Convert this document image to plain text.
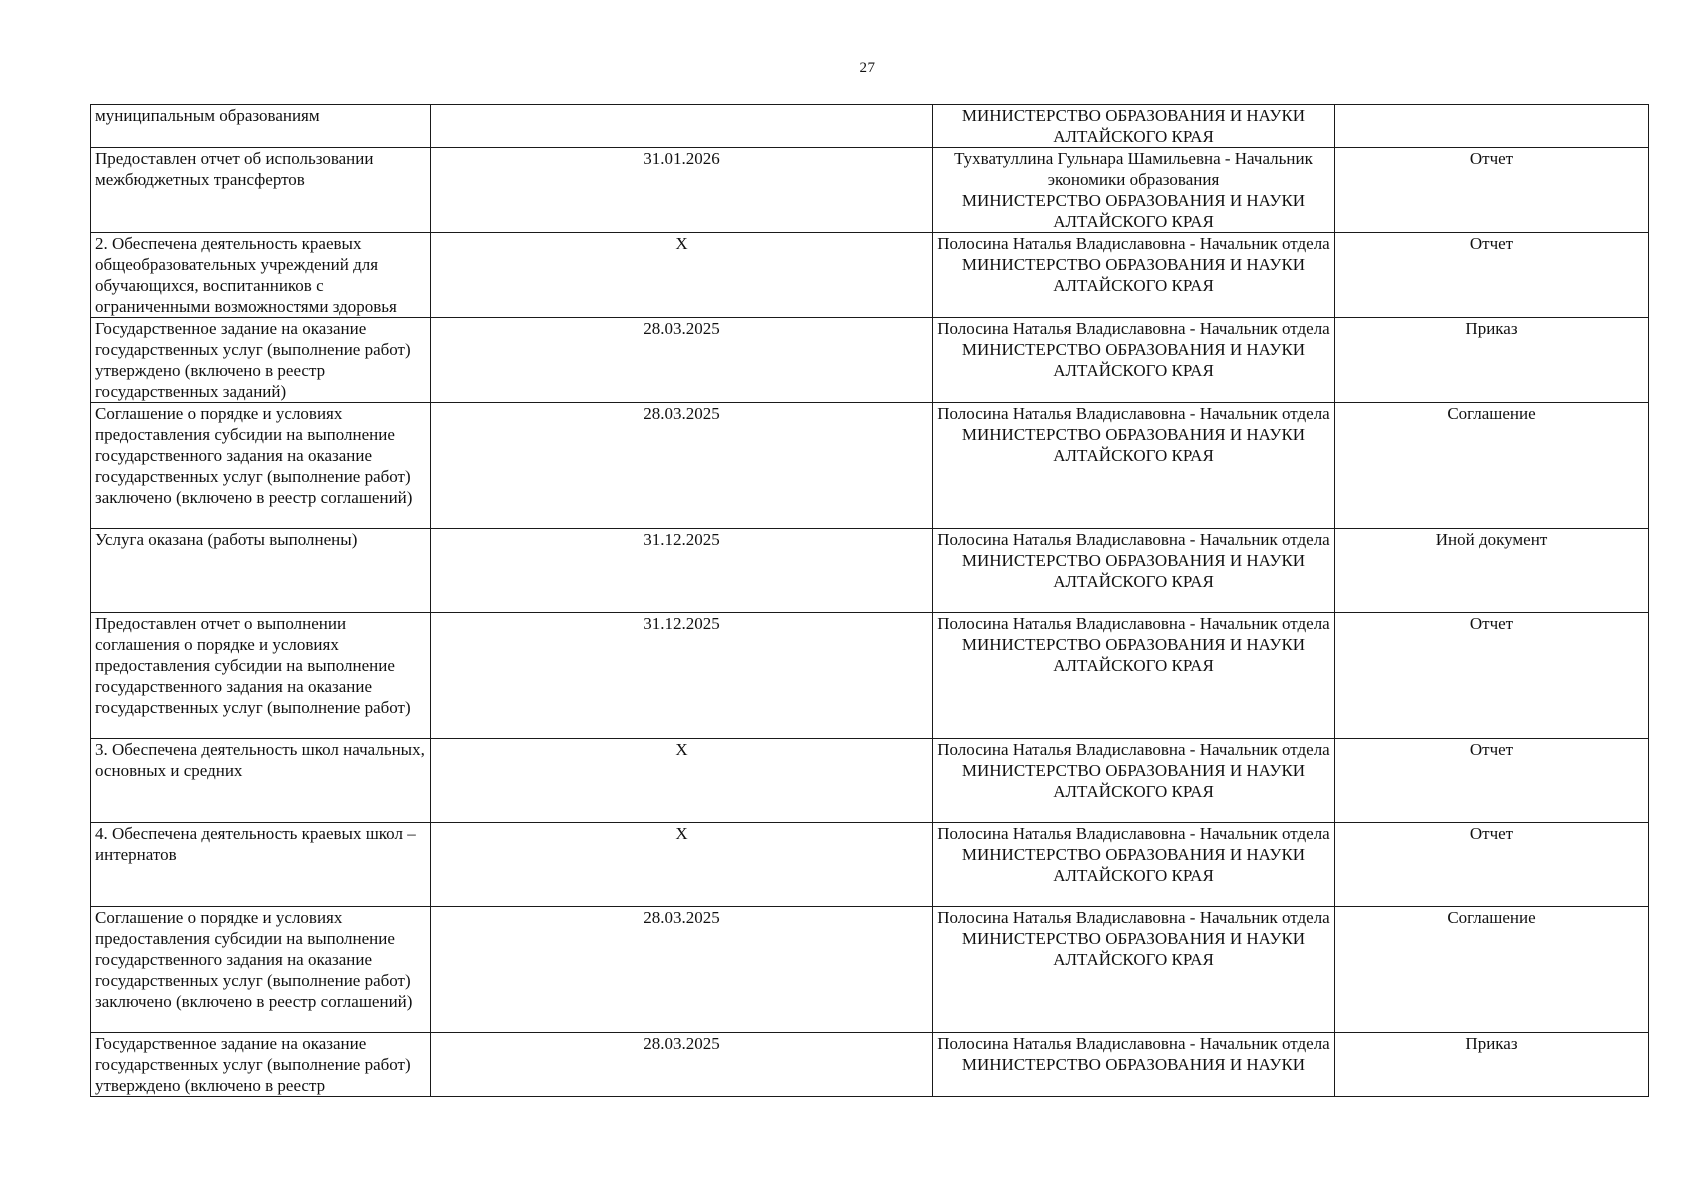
27
муниципальным образованиям		МИНИСТЕРСТВО ОБРАЗОВАНИЯ И НАУКИ
АЛТАЙСКОГО КРАЯ	

Предоставлен отчет об использовании межбюджетных трансфертов	31.01.2026	Тухватуллина Гульнара Шамильевна - Начальник экономики образования
МИНИСТЕРСТВО ОБРАЗОВАНИЯ И НАУКИ
АЛТАЙСКОГО КРАЯ	Отчет

2. Обеспечена деятельность краевых общеобразовательных учреждений для обучающихся, воспитанников с ограниченными возможностями здоровья	X	Полосина Наталья Владиславовна - Начальник отдела
МИНИСТЕРСТВО ОБРАЗОВАНИЯ И НАУКИ
АЛТАЙСКОГО КРАЯ	Отчет

Государственное задание на оказание государственных услуг (выполнение работ) утверждено (включено в реестр государственных заданий)	28.03.2025	Полосина Наталья Владиславовна - Начальник отдела
МИНИСТЕРСТВО ОБРАЗОВАНИЯ И НАУКИ
АЛТАЙСКОГО КРАЯ	Приказ

Соглашение о порядке и условиях предоставления субсидии на выполнение государственного задания на оказание государственных услуг (выполнение работ) заключено (включено в реестр соглашений)	28.03.2025	Полосина Наталья Владиславовна - Начальник отдела
МИНИСТЕРСТВО ОБРАЗОВАНИЯ И НАУКИ
АЛТАЙСКОГО КРАЯ	Соглашение

Услуга оказана (работы выполнены)	31.12.2025	Полосина Наталья Владиславовна - Начальник отдела
МИНИСТЕРСТВО ОБРАЗОВАНИЯ И НАУКИ
АЛТАЙСКОГО КРАЯ	Иной документ

Предоставлен отчет о выполнении соглашения о порядке и условиях предоставления субсидии на выполнение государственного задания на оказание государственных услуг (выполнение работ)	31.12.2025	Полосина Наталья Владиславовна - Начальник отдела
МИНИСТЕРСТВО ОБРАЗОВАНИЯ И НАУКИ
АЛТАЙСКОГО КРАЯ	Отчет

3. Обеспечена деятельность школ начальных, основных и средних	X	Полосина Наталья Владиславовна - Начальник отдела
МИНИСТЕРСТВО ОБРАЗОВАНИЯ И НАУКИ
АЛТАЙСКОГО КРАЯ	Отчет

4. Обеспечена деятельность краевых школ – интернатов	X	Полосина Наталья Владиславовна - Начальник отдела
МИНИСТЕРСТВО ОБРАЗОВАНИЯ И НАУКИ
АЛТАЙСКОГО КРАЯ	Отчет

Соглашение о порядке и условиях предоставления субсидии на выполнение государственного задания на оказание государственных услуг (выполнение работ) заключено (включено в реестр соглашений)	28.03.2025	Полосина Наталья Владиславовна - Начальник отдела
МИНИСТЕРСТВО ОБРАЗОВАНИЯ И НАУКИ
АЛТАЙСКОГО КРАЯ	Соглашение

Государственное задание на оказание государственных услуг (выполнение работ) утверждено (включено в реестр	28.03.2025	Полосина Наталья Владиславовна - Начальник отдела
МИНИСТЕРСТВО ОБРАЗОВАНИЯ И НАУКИ	Приказ
